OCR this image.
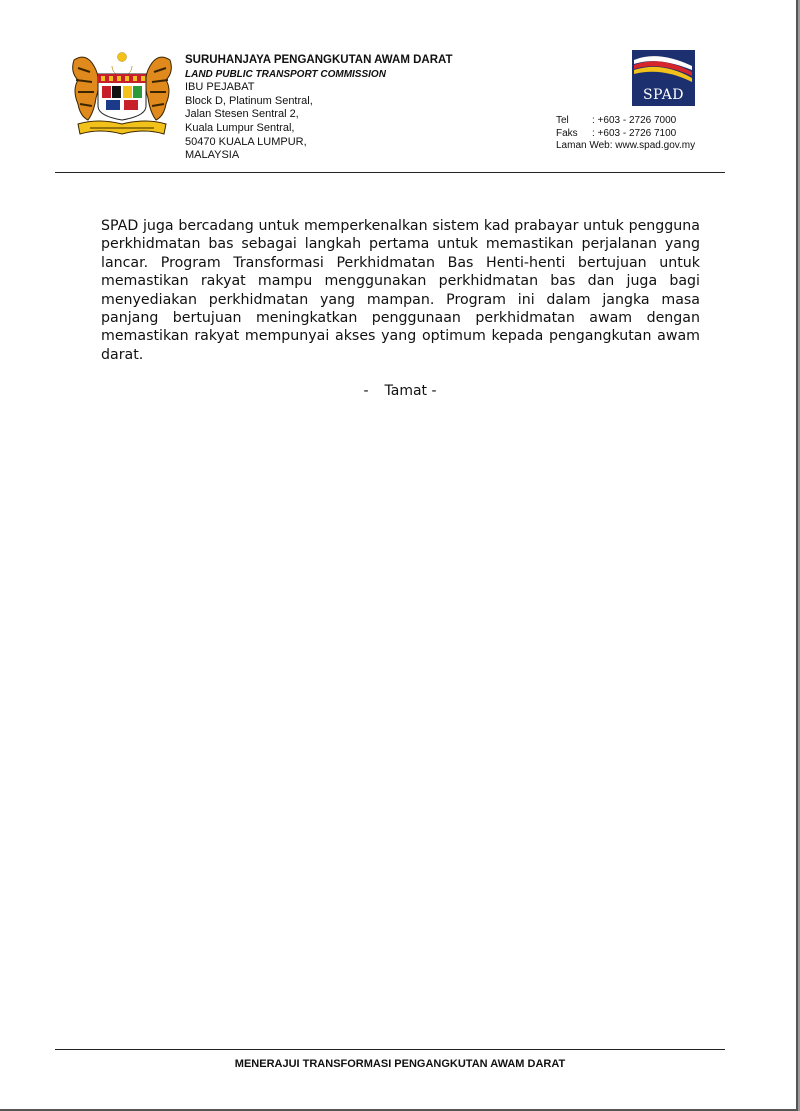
SURUHANJAYA PENGANGKUTAN AWAM DARAT
LAND PUBLIC TRANSPORT COMMISSION
IBU PEJABAT
Block D, Platinum Sentral,
Jalan Stesen Sentral 2,
Kuala Lumpur Sentral,
50470 KUALA LUMPUR,
MALAYSIA
SPAD
Tel : +603 - 2726 7000
Faks : +603 - 2726 7100
Laman Web: www.spad.gov.my
SPAD juga bercadang untuk memperkenalkan sistem kad prabayar untuk pengguna perkhidmatan bas sebagai langkah pertama untuk memastikan perjalanan yang lancar. Program Transformasi Perkhidmatan Bas Henti-henti bertujuan untuk memastikan rakyat mampu menggunakan perkhidmatan bas dan juga bagi menyediakan perkhidmatan yang mampan. Program ini dalam jangka masa panjang bertujuan meningkatkan penggunaan perkhidmatan awam dengan memastikan rakyat mempunyai akses yang optimum kepada pengangkutan awam darat.
- Tamat -
MENERAJUI TRANSFORMASI PENGANGKUTAN AWAM DARAT
